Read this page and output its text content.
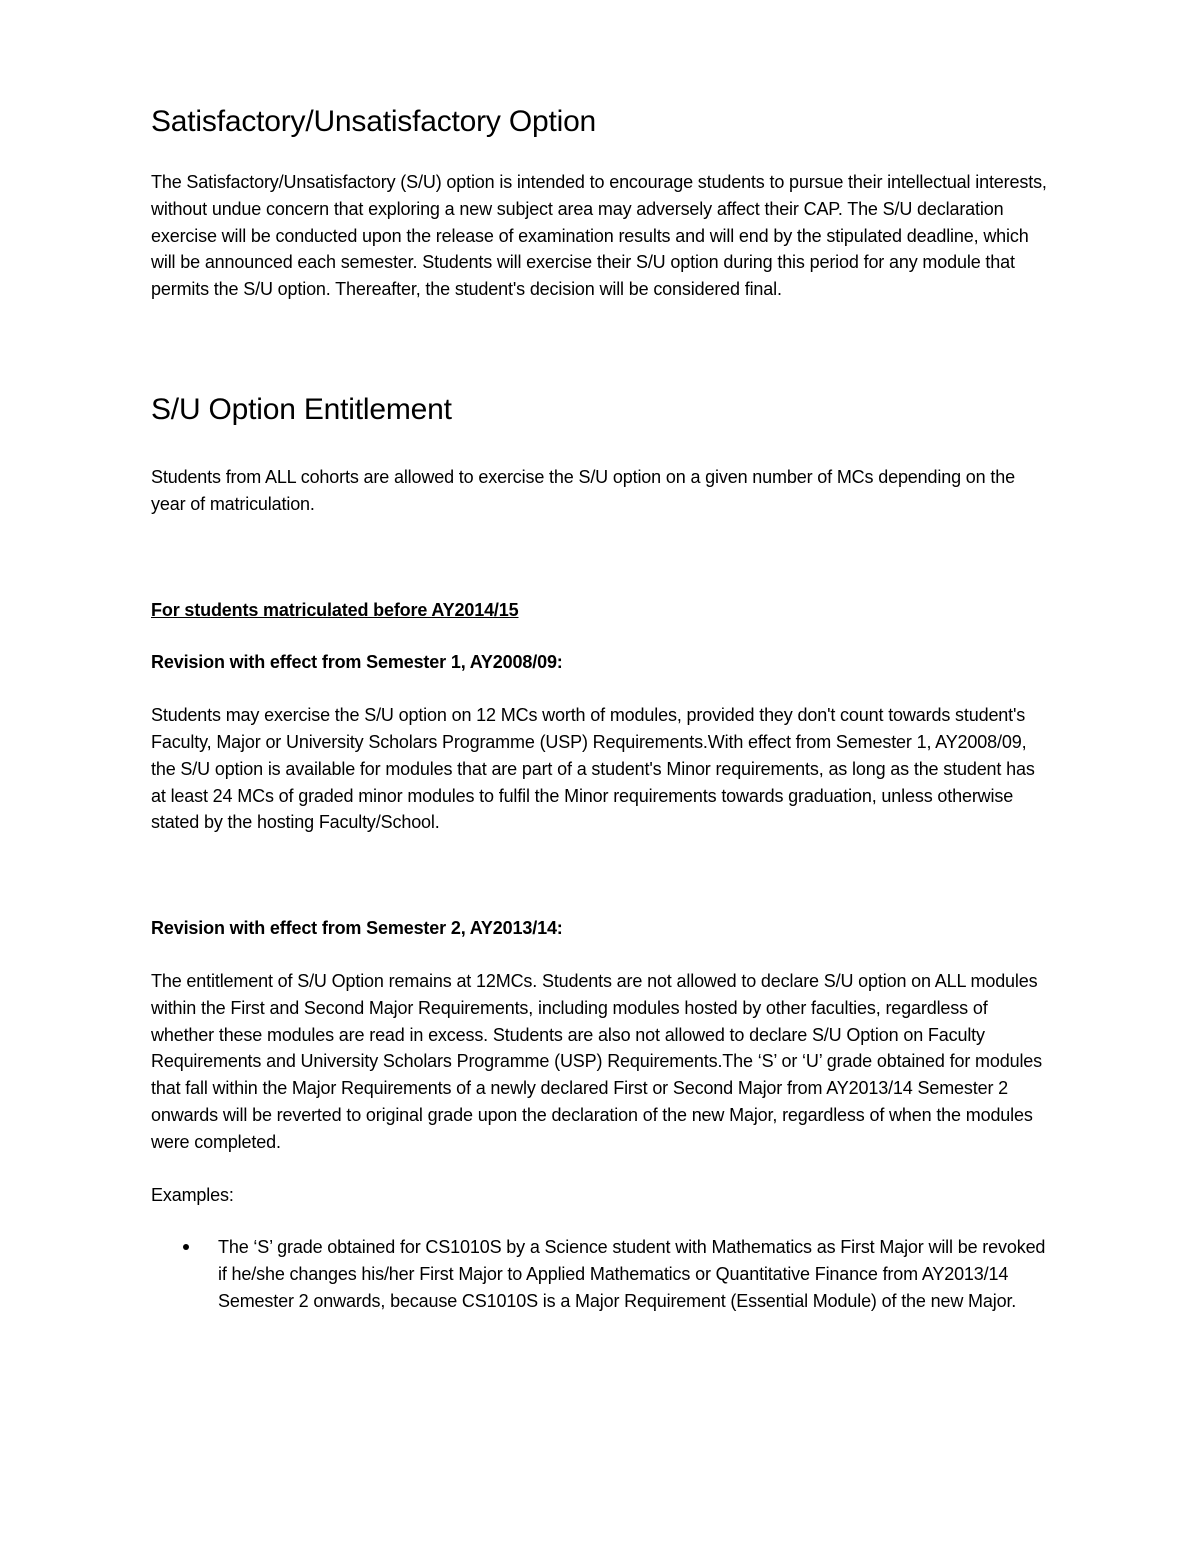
Satisfactory/Unsatisfactory Option

The Satisfactory/Unsatisfactory (S/U) option is intended to encourage students to pursue their intellectual interests, without undue concern that exploring a new subject area may adversely affect their CAP. The S/U declaration exercise will be conducted upon the release of examination results and will end by the stipulated deadline, which will be announced each semester. Students will exercise their S/U option during this period for any module that permits the S/U option. Thereafter, the student's decision will be considered final.

S/U Option Entitlement

Students from ALL cohorts are allowed to exercise the S/U option on a given number of MCs depending on the year of matriculation.

For students matriculated before AY2014/15

Revision with effect from Semester 1, AY2008/09:

Students may exercise the S/U option on 12 MCs worth of modules, provided they don't count towards student's Faculty, Major or University Scholars Programme (USP) Requirements.With effect from Semester 1, AY2008/09, the S/U option is available for modules that are part of a student's Minor requirements, as long as the student has at least 24 MCs of graded minor modules to fulfil the Minor requirements towards graduation, unless otherwise stated by the hosting Faculty/School.

Revision with effect from Semester 2, AY2013/14:

The entitlement of S/U Option remains at 12MCs. Students are not allowed to declare S/U option on ALL modules within the First and Second Major Requirements, including modules hosted by other faculties, regardless of whether these modules are read in excess. Students are also not allowed to declare S/U Option on Faculty Requirements and University Scholars Programme (USP) Requirements.The ‘S’ or ‘U’ grade obtained for modules that fall within the Major Requirements of a newly declared First or Second Major from AY2013/14 Semester 2 onwards will be reverted to original grade upon the declaration of the new Major, regardless of when the modules were completed.

Examples:

The ‘S’ grade obtained for CS1010S by a Science student with Mathematics as First Major will be revoked if he/she changes his/her First Major to Applied Mathematics or Quantitative Finance from AY2013/14 Semester 2 onwards, because CS1010S is a Major Requirement (Essential Module) of the new Major.
